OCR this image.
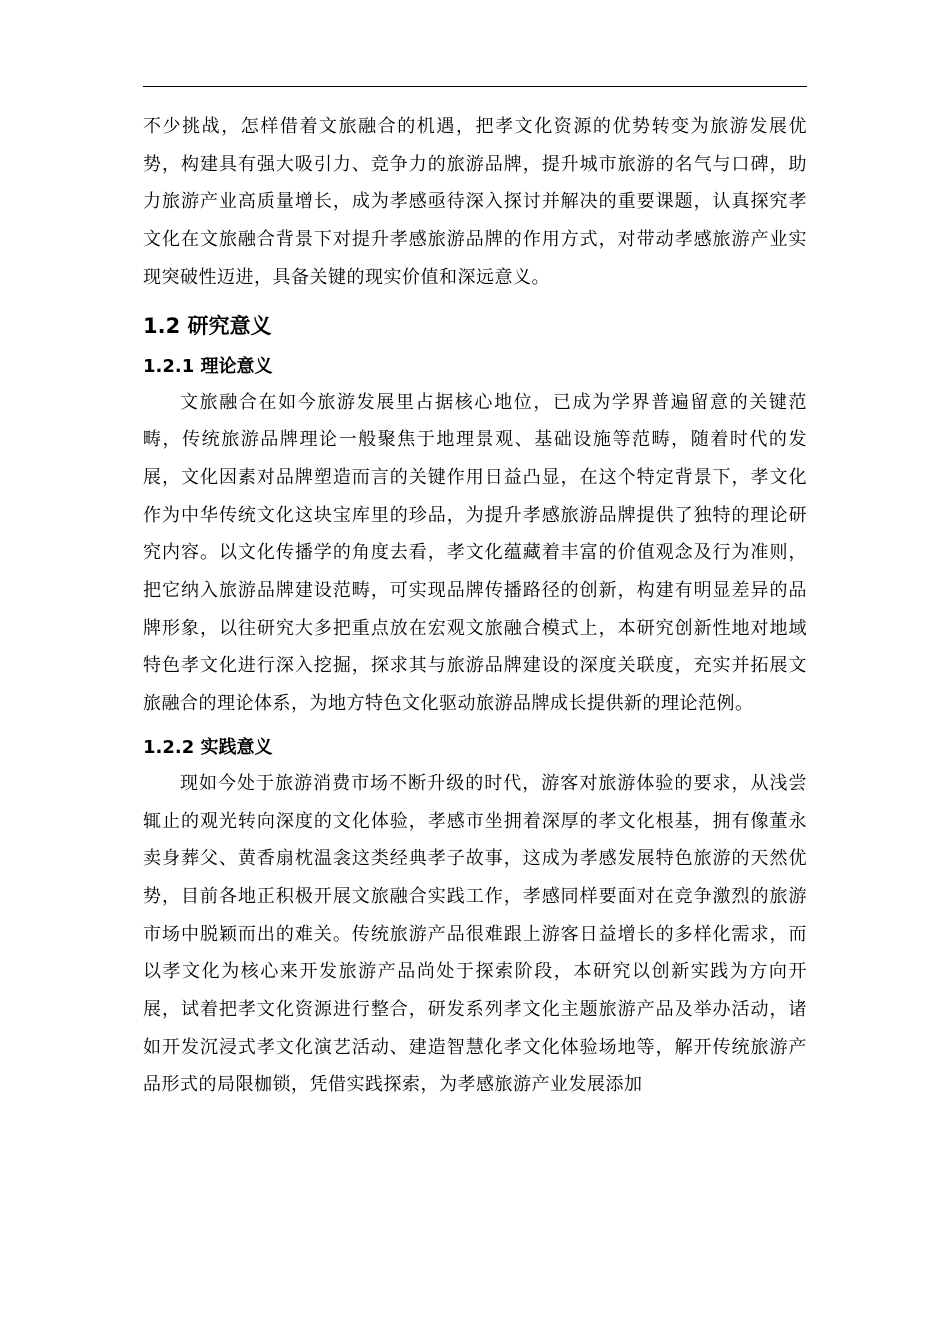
不少挑战，怎样借着文旅融合的机遇，把孝文化资源的优势转变为旅游发展优势，构建具有强大吸引力、竞争力的旅游品牌，提升城市旅游的名气与口碑，助力旅游产业高质量增长，成为孝感亟待深入探讨并解决的重要课题，认真探究孝文化在文旅融合背景下对提升孝感旅游品牌的作用方式，对带动孝感旅游产业实现突破性迈进，具备关键的现实价值和深远意义。

1.2 研究意义
1.2.1 理论意义

文旅融合在如今旅游发展里占据核心地位，已成为学界普遍留意的关键范畴，传统旅游品牌理论一般聚焦于地理景观、基础设施等范畴，随着时代的发展，文化因素对品牌塑造而言的关键作用日益凸显，在这个特定背景下，孝文化作为中华传统文化这块宝库里的珍品，为提升孝感旅游品牌提供了独特的理论研究内容。以文化传播学的角度去看，孝文化蕴藏着丰富的价值观念及行为准则，把它纳入旅游品牌建设范畴，可实现品牌传播路径的创新，构建有明显差异的品牌形象，以往研究大多把重点放在宏观文旅融合模式上，本研究创新性地对地域特色孝文化进行深入挖掘，探求其与旅游品牌建设的深度关联度，充实并拓展文旅融合的理论体系，为地方特色文化驱动旅游品牌成长提供新的理论范例。

1.2.2 实践意义

现如今处于旅游消费市场不断升级的时代，游客对旅游体验的要求，从浅尝辄止的观光转向深度的文化体验，孝感市坐拥着深厚的孝文化根基，拥有像董永卖身葬父、黄香扇枕温衾这类经典孝子故事，这成为孝感发展特色旅游的天然优势，目前各地正积极开展文旅融合实践工作，孝感同样要面对在竞争激烈的旅游市场中脱颖而出的难关。传统旅游产品很难跟上游客日益增长的多样化需求，而以孝文化为核心来开发旅游产品尚处于探索阶段，本研究以创新实践为方向开展，试着把孝文化资源进行整合，研发系列孝文化主题旅游产品及举办活动，诸如开发沉浸式孝文化演艺活动、建造智慧化孝文化体验场地等，解开传统旅游产品形式的局限枷锁，凭借实践探索，为孝感旅游产业发展添加
